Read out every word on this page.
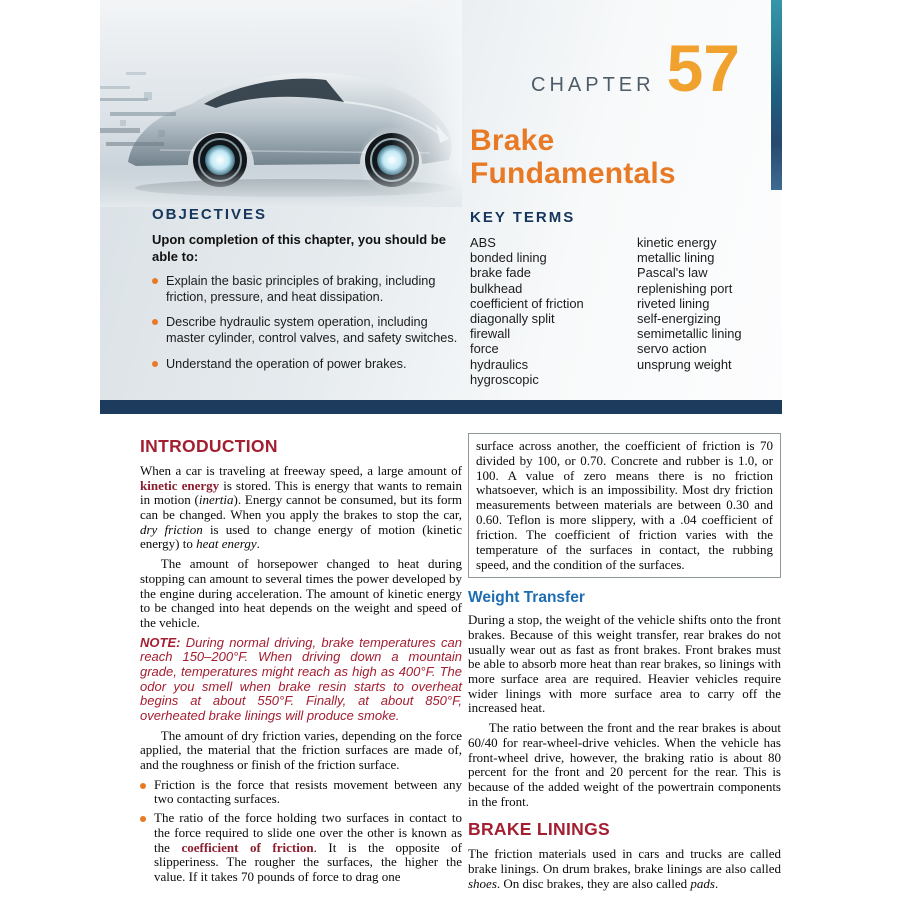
CHAPTER 57
Brake
Fundamentals
OBJECTIVES

Upon completion of this chapter, you should be able to:

Explain the basic principles of braking, including friction, pressure, and heat dissipation.
Describe hydraulic system operation, including master cylinder, control valves, and safety switches.
Understand the operation of power brakes.
KEY TERMS
ABS
bonded lining
brake fade
bulkhead
coefficient of friction
diagonally split
firewall
force
hydraulics
hygroscopic
kinetic energy
metallic lining
Pascal's law
replenishing port
riveted lining
self-energizing
semimetallic lining
servo action
unsprung weight
INTRODUCTION

When a car is traveling at freeway speed, a large amount of kinetic energy is stored. This is energy that wants to remain in motion (inertia). Energy cannot be consumed, but its form can be changed. When you apply the brakes to stop the car, dry friction is used to change energy of motion (kinetic energy) to heat energy.

The amount of horsepower changed to heat during stopping can amount to several times the power developed by the engine during acceleration. The amount of kinetic energy to be changed into heat depends on the weight and speed of the vehicle.

NOTE: During normal driving, brake temperatures can reach 150–200°F. When driving down a mountain grade, temperatures might reach as high as 400°F. The odor you smell when brake resin starts to overheat begins at about 550°F. Finally, at about 850°F, overheated brake linings will produce smoke.

The amount of dry friction varies, depending on the force applied, the material that the friction surfaces are made of, and the roughness or finish of the friction surface.

Friction is the force that resists movement between any two contacting surfaces.
The ratio of the force holding two surfaces in contact to the force required to slide one over the other is known as the coefficient of friction. It is the opposite of slipperiness. The rougher the surfaces, the higher the value. If it takes 70 pounds of force to drag one
surface across another, the coefficient of friction is 70 divided by 100, or 0.70. Concrete and rubber is 1.0, or 100. A value of zero means there is no friction whatsoever, which is an impossibility. Most dry friction measurements between materials are between 0.30 and 0.60. Teflon is more slippery, with a .04 coefficient of friction. The coefficient of friction varies with the temperature of the surfaces in contact, the rubbing speed, and the condition of the surfaces.
Weight Transfer

During a stop, the weight of the vehicle shifts onto the front brakes. Because of this weight transfer, rear brakes do not usually wear out as fast as front brakes. Front brakes must be able to absorb more heat than rear brakes, so linings with more surface area are required. Heavier vehicles require wider linings with more surface area to carry off the increased heat.

The ratio between the front and the rear brakes is about 60/40 for rear-wheel-drive vehicles. When the vehicle has front-wheel drive, however, the braking ratio is about 80 percent for the front and 20 percent for the rear. This is because of the added weight of the powertrain components in the front.

BRAKE LININGS

The friction materials used in cars and trucks are called brake linings. On drum brakes, brake linings are also called shoes. On disc brakes, they are also called pads.
